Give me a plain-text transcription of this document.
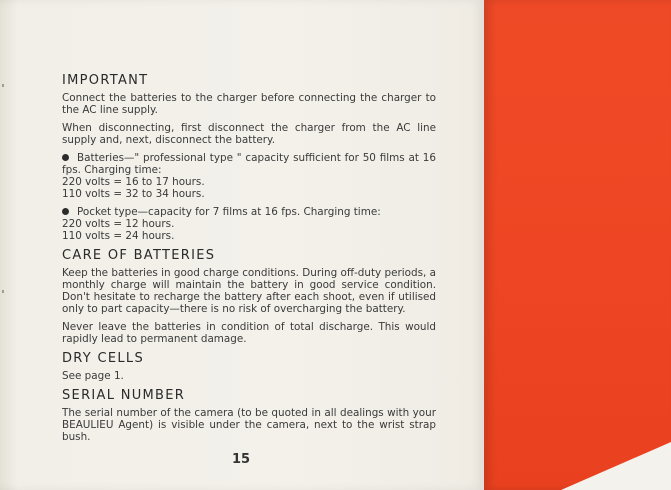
IMPORTANT

Connect the batteries to the charger before connecting the charger to the AC line supply.

When disconnecting, first disconnect the charger from the AC line supply and, next, disconnect the battery.

Batteries—" professional type " capacity sufficient for 50 films at 16 fps. Charging time:
220 volts = 16 to 17 hours.
110 volts = 32 to 34 hours.

Pocket type—capacity for 7 films at 16 fps. Charging time:
220 volts = 12 hours.
110 volts = 24 hours.

CARE OF BATTERIES

Keep the batteries in good charge conditions. During off-duty periods, a monthly charge will maintain the battery in good service condition. Don't hesitate to recharge the battery after each shoot, even if utilised only to part capacity—there is no risk of overcharging the battery.

Never leave the batteries in condition of total discharge. This would rapidly lead to permanent damage.

DRY CELLS

See page 1.

SERIAL NUMBER

The serial number of the camera (to be quoted in all dealings with your BEAULIEU Agent) is visible under the camera, next to the wrist strap bush.

15
